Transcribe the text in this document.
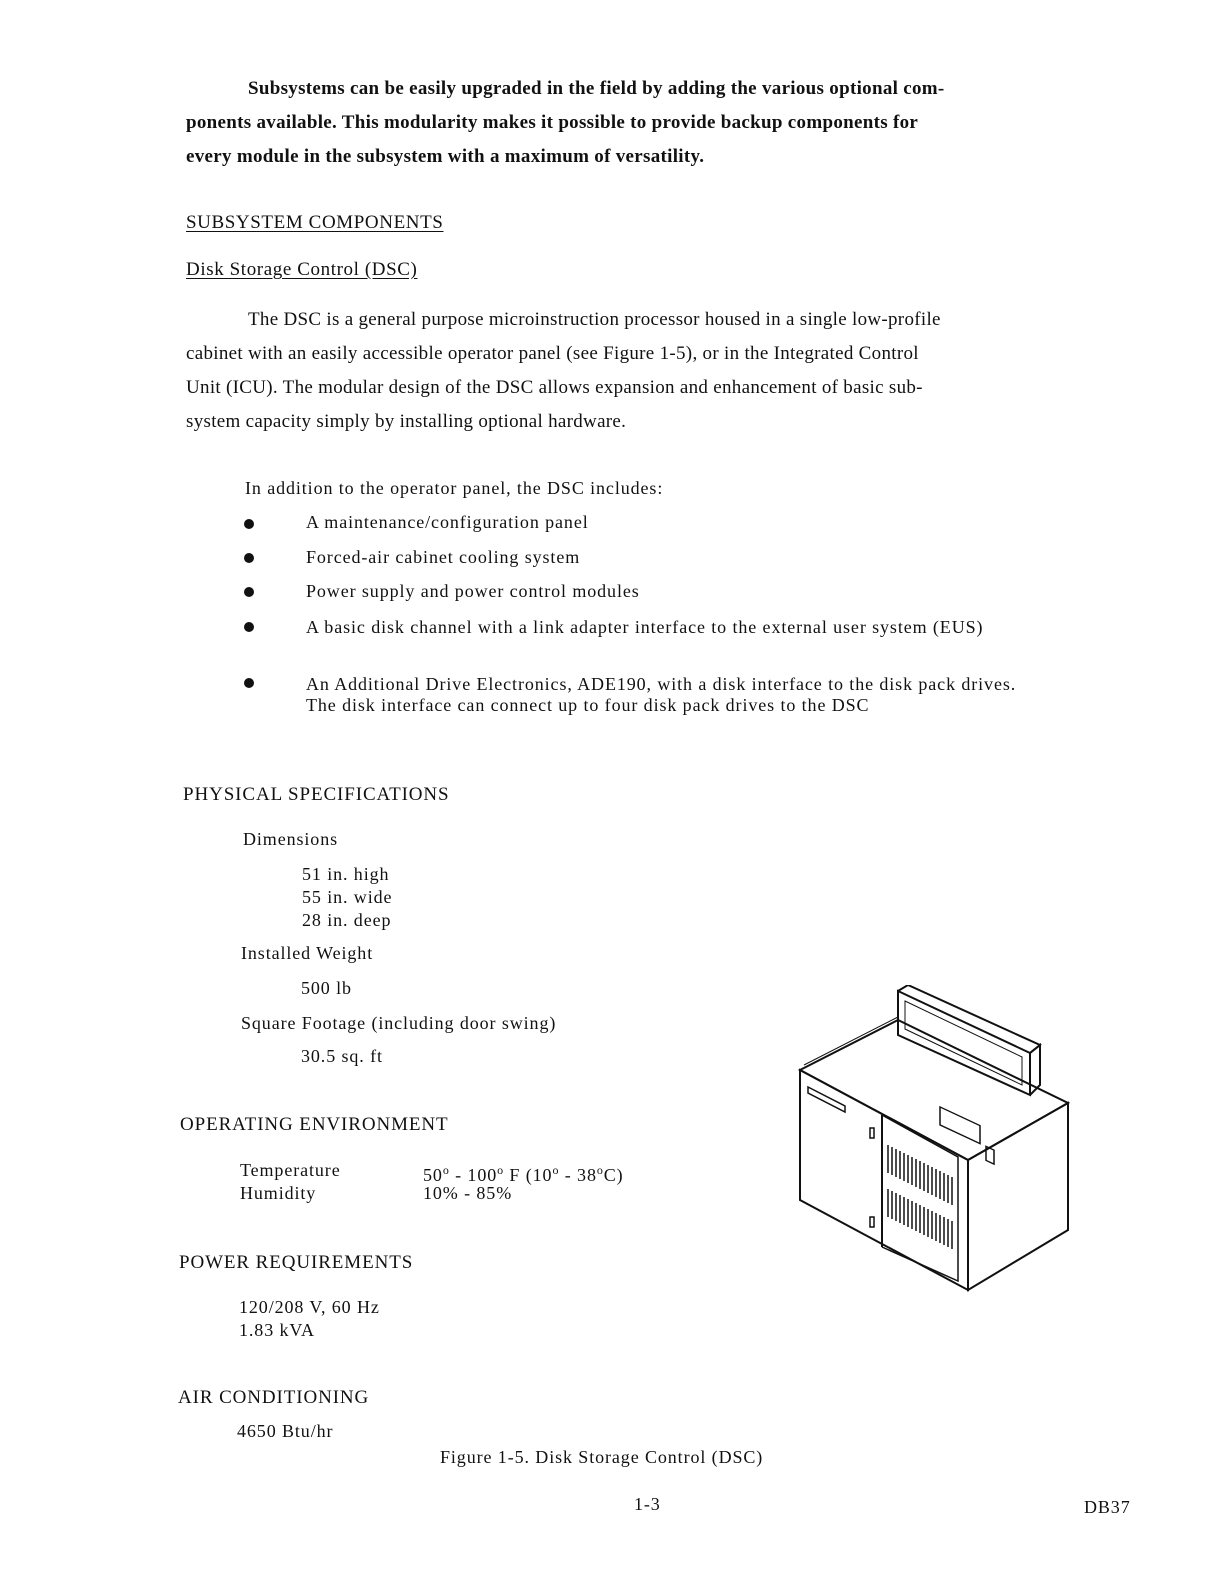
Subsystems can be easily upgraded in the field by adding the various optional com-
ponents available. This modularity makes it possible to provide backup components for
every module in the subsystem with a maximum of versatility.
SUBSYSTEM COMPONENTS
Disk Storage Control (DSC)
The DSC is a general purpose microinstruction processor housed in a single low-profile
cabinet with an easily accessible operator panel (see Figure 1-5), or in the Integrated Control
Unit (ICU). The modular design of the DSC allows expansion and enhancement of basic sub-
system capacity simply by installing optional hardware.
In addition to the operator panel, the DSC includes:
A maintenance/configuration panel
Forced-air cabinet cooling system
Power supply and power control modules
A basic disk channel with a link adapter interface to the external user system (EUS)
An Additional Drive Electronics, ADE190, with a disk interface to the disk pack drives. The disk interface can connect up to four disk pack drives to the DSC
PHYSICAL SPECIFICATIONS
Dimensions
51 in. high
55 in. wide
28 in. deep
Installed Weight
500 lb
Square Footage (including door swing)
30.5 sq. ft
OPERATING ENVIRONMENT
Temperature	50$^o$ - 100$^o$ F (10$^o$ - 38$^o$C)
Humidity	10% - 85%
POWER REQUIREMENTS
120/208 V, 60 Hz
1.83 kVA
AIR CONDITIONING
4650 Btu/hr
Figure 1-5. Disk Storage Control (DSC)
1-3	DB37
